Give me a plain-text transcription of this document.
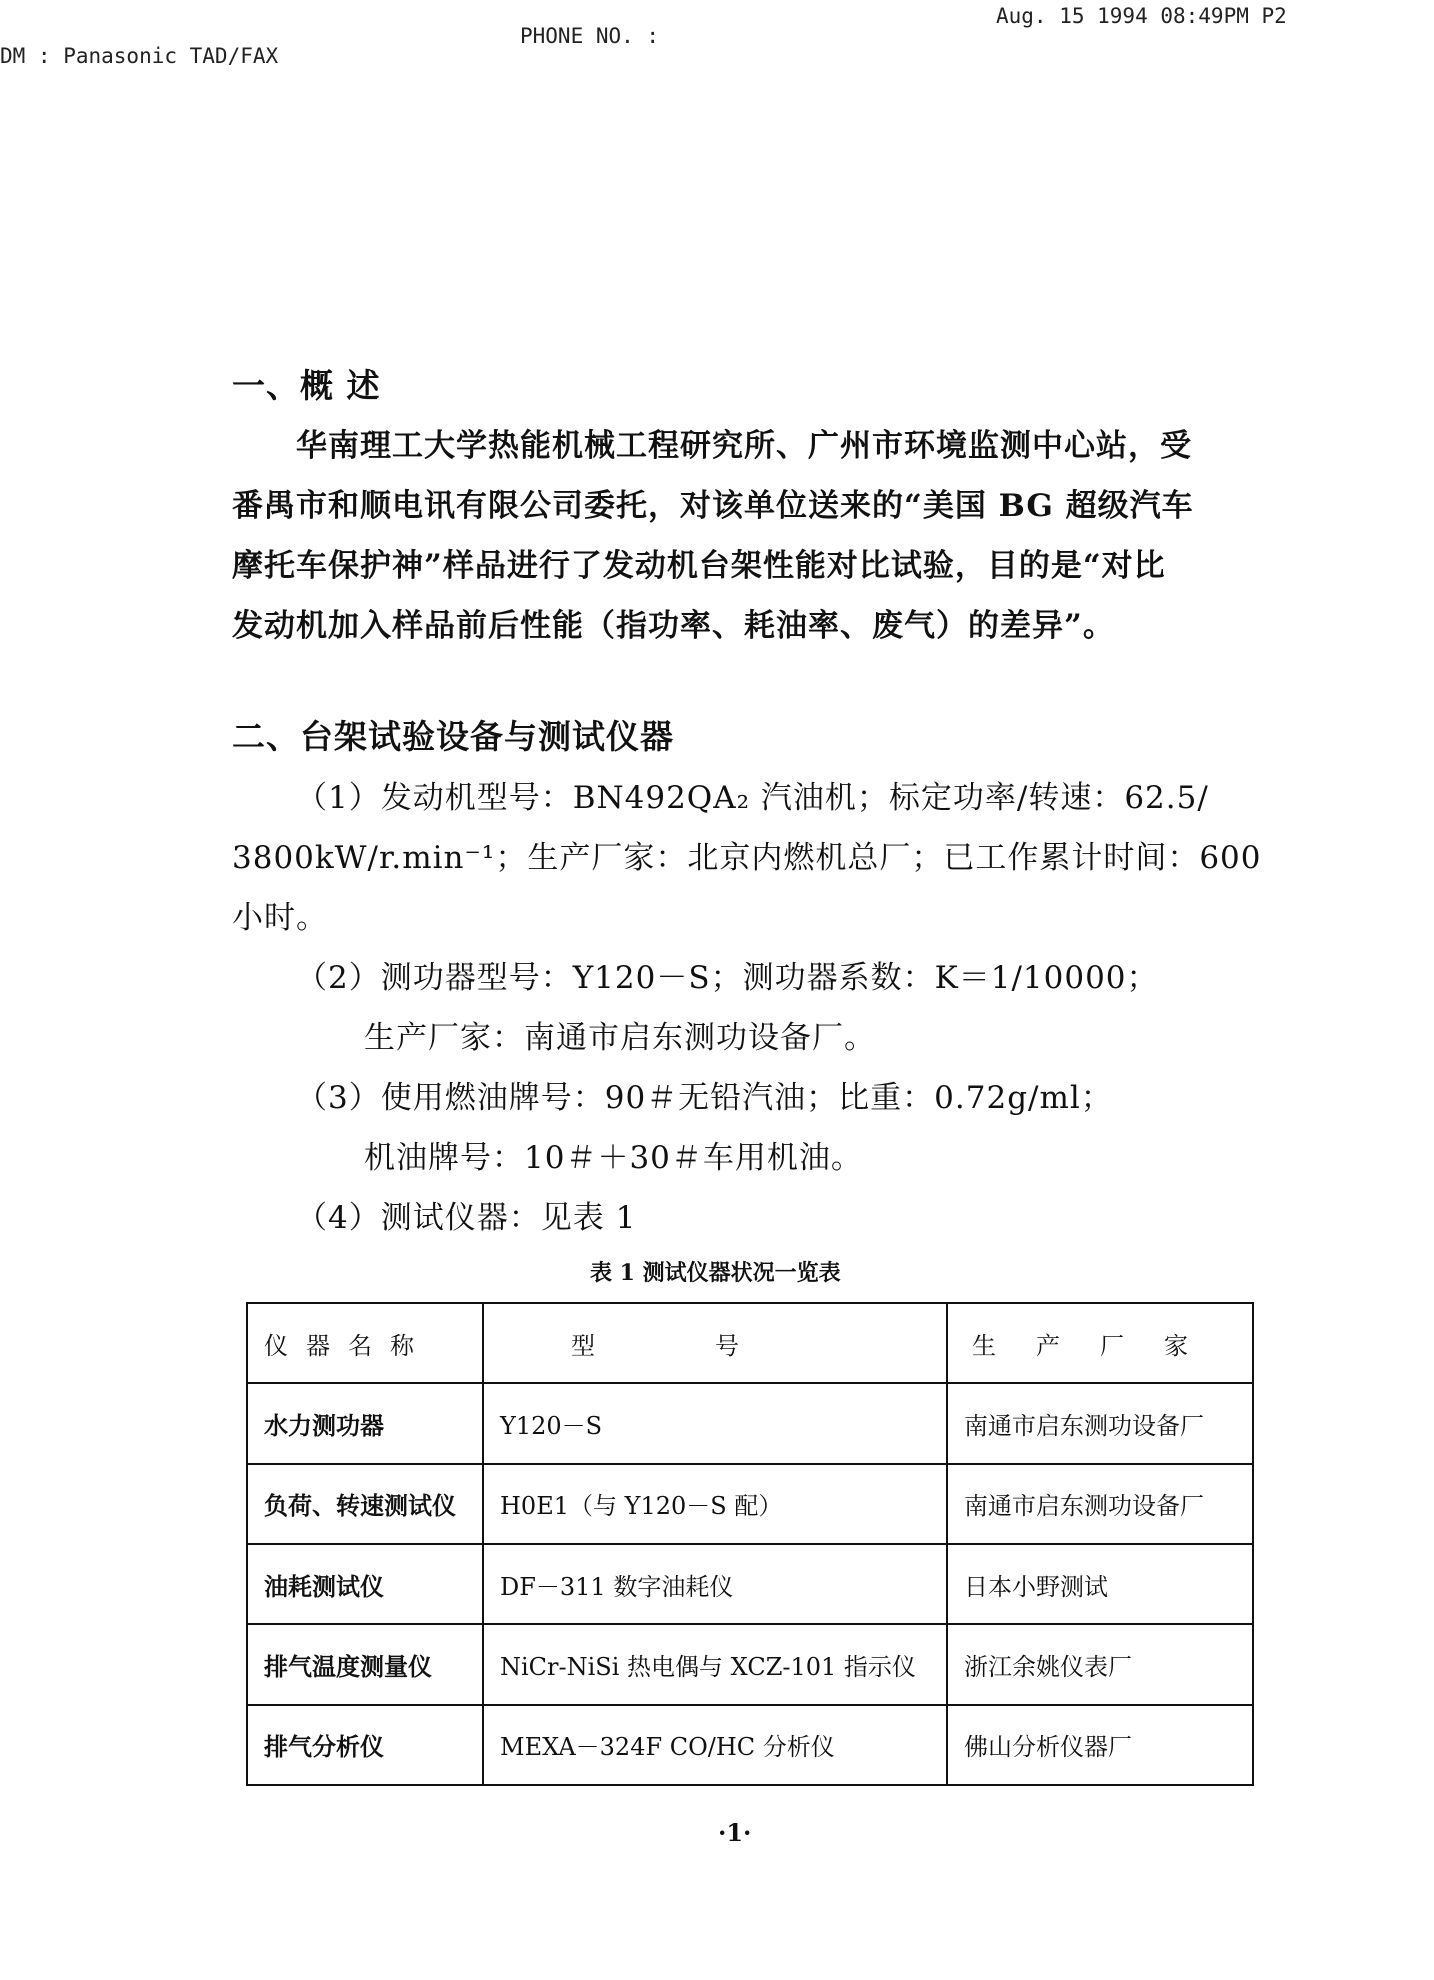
DM : Panasonic TAD/FAX
PHONE NO. :
Aug. 15 1994 08:49PM P2
一、概 述
华南理工大学热能机械工程研究所、广州市环境监测中心站，受
番禺市和顺电讯有限公司委托，对该单位送来的“美国 BG 超级汽车
摩托车保护神”样品进行了发动机台架性能对比试验，目的是“对比
发动机加入样品前后性能（指功率、耗油率、废气）的差异”。
二、台架试验设备与测试仪器
（1）发动机型号：BN492QA₂ 汽油机；标定功率/转速：62.5/
3800kW/r.min⁻¹；生产厂家：北京内燃机总厂；已工作累计时间：600
小时。
（2）测功器型号：Y120－S；测功器系数：K＝1/10000；
生产厂家：南通市启东测功设备厂。
（3）使用燃油牌号：90＃无铅汽油；比重：0.72g/ml；
机油牌号：10＃＋30＃车用机油。
（4）测试仪器：见表 1
表 1 测试仪器状况一览表
仪器名称	型号	生产厂家
水力测功器	Y120－S	南通市启东测功设备厂
负荷、转速测试仪	H0E1（与 Y120－S 配）	南通市启东测功设备厂
油耗测试仪	DF－311 数字油耗仪	日本小野测试
排气温度测量仪	NiCr-NiSi 热电偶与 XCZ-101 指示仪	浙江余姚仪表厂
排气分析仪	MEXA－324F CO/HC 分析仪	佛山分析仪器厂
·1·
